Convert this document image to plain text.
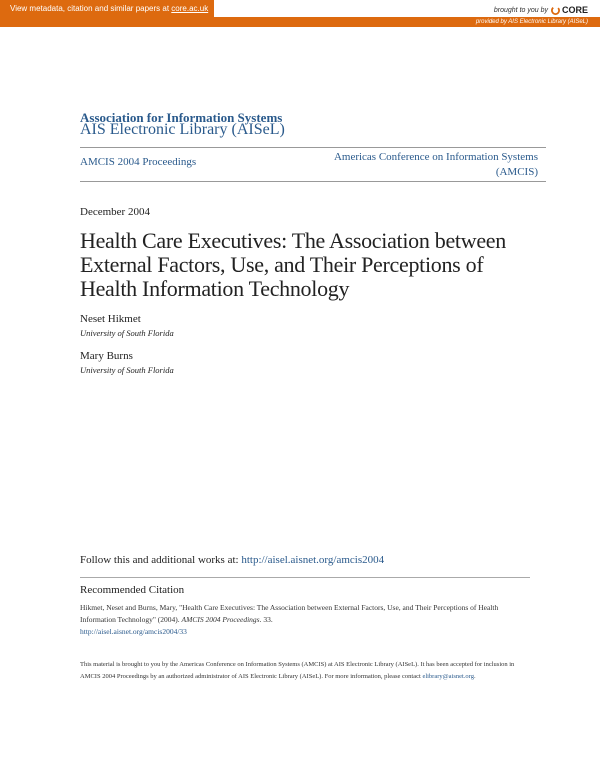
View metadata, citation and similar papers at core.ac.uk	brought to you by CORE
provided by AIS Electronic Library (AISeL)
Association for Information Systems
AIS Electronic Library (AISeL)
AMCIS 2004 Proceedings	Americas Conference on Information Systems
(AMCIS)
December 2004
Health Care Executives: The Association between External Factors, Use, and Their Perceptions of Health Information Technology
Neset Hikmet
University of South Florida
Mary Burns
University of South Florida
Follow this and additional works at: http://aisel.aisnet.org/amcis2004
Recommended Citation
Hikmet, Neset and Burns, Mary, "Health Care Executives: The Association between External Factors, Use, and Their Perceptions of Health Information Technology" (2004). AMCIS 2004 Proceedings. 33.
http://aisel.aisnet.org/amcis2004/33
This material is brought to you by the Americas Conference on Information Systems (AMCIS) at AIS Electronic Library (AISeL). It has been accepted for inclusion in AMCIS 2004 Proceedings by an authorized administrator of AIS Electronic Library (AISeL). For more information, please contact elibrary@aisnet.org.
